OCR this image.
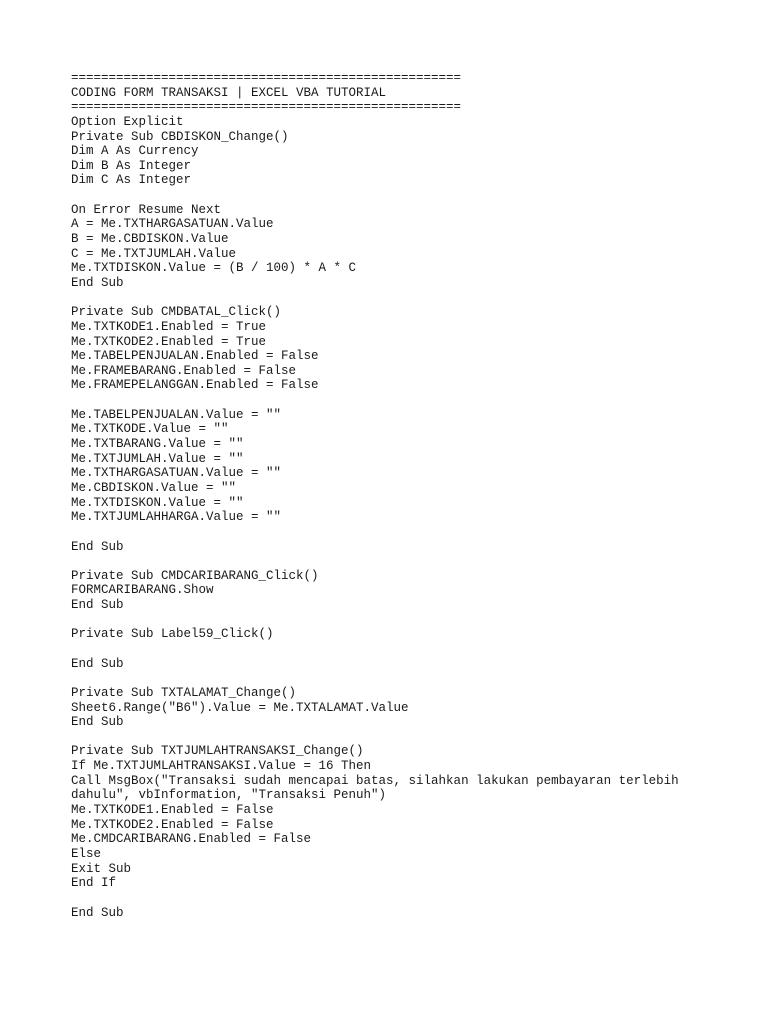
====================================================
CODING FORM TRANSAKSI | EXCEL VBA TUTORIAL
====================================================
Option Explicit
Private Sub CBDISKON_Change()
Dim A As Currency
Dim B As Integer
Dim C As Integer
On Error Resume Next
A = Me.TXTHARGASATUAN.Value
B = Me.CBDISKON.Value
C = Me.TXTJUMLAH.Value
Me.TXTDISKON.Value = (B / 100) * A * C
End Sub
Private Sub CMDBATAL_Click()
Me.TXTKODE1.Enabled = True
Me.TXTKODE2.Enabled = True
Me.TABELPENJUALAN.Enabled = False
Me.FRAMEBARANG.Enabled = False
Me.FRAMEPELANGGAN.Enabled = False
Me.TABELPENJUALAN.Value = ""
Me.TXTKODE.Value = ""
Me.TXTBARANG.Value = ""
Me.TXTJUMLAH.Value = ""
Me.TXTHARGASATUAN.Value = ""
Me.CBDISKON.Value = ""
Me.TXTDISKON.Value = ""
Me.TXTJUMLAHHARGA.Value = ""
End Sub
Private Sub CMDCARIBARANG_Click()
FORMCARIBARANG.Show
End Sub
Private Sub Label59_Click()
End Sub
Private Sub TXTALAMAT_Change()
Sheet6.Range("B6").Value = Me.TXTALAMAT.Value
End Sub
Private Sub TXTJUMLAHTRANSAKSI_Change()
If Me.TXTJUMLAHTRANSAKSI.Value = 16 Then
Call MsgBox("Transaksi sudah mencapai batas, silahkan lakukan pembayaran terlebih
dahulu", vbInformation, "Transaksi Penuh")
Me.TXTKODE1.Enabled = False
Me.TXTKODE2.Enabled = False
Me.CMDCARIBARANG.Enabled = False
Else
Exit Sub
End If
End Sub
